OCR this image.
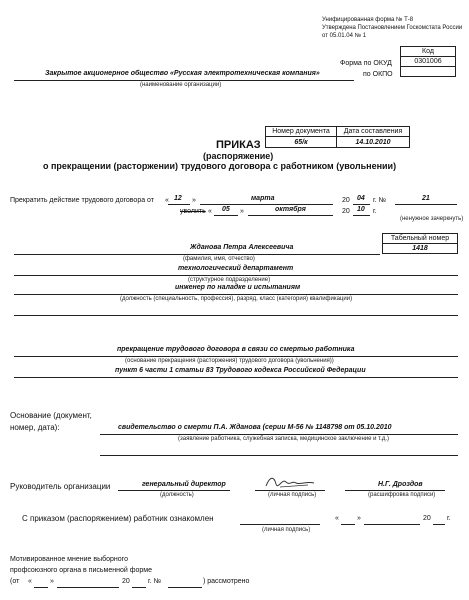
Унифицированная форма № Т-8
Утверждена Постановлением Госкомстата России
от 05.01.04 № 1
Код
Форма по ОКУД	0301006
по ОКПО
Закрытое акционерное общество «Русская электротехническая компания»
(наименование организации)
Номер документа	Дата составления
65/к	14.10.2010
ПРИКАЗ
(распоряжение)
о прекращении (расторжении) трудового договора с работником (увольнении)
Прекратить действие трудового договора от « 12 »	марта	20 04 г. №	21
уволить « 05 »	октября	20 10 г.
(ненужное зачеркнуть)
Табельный номер
1418
Жданова Петра Алексеевича
(фамилия, имя, отчество)
технологический департамент
(структурное подразделение)
инженер по наладке и испытаниям
(должность (специальность, профессия), разряд, класс (категория) квалификации)
прекращение трудового договора в связи со смертью работника
(основание прекращения (расторжения) трудового договора (увольнения))
пункт 6 части 1 статьи 83 Трудового кодекса Российской Федерации
Основание (документ,
номер, дата):	свидетельство о смерти П.А. Жданова (серии М-56 № 1148798 от 05.10.2010
(заявление работника, служебная записка, медицинское заключение и т.д.)
Руководитель организации	генеральный директор
(должность)	(личная подпись)
Н.Г. Дроздов
(расшифровка подписи)
С приказом (распоряжением) работник ознакомлен
(личная подпись)
«	»	20 г.
Мотивированное мнение выборного
профсоюзного органа в письменной форме
(от «	»	20	г. №	) рассмотрено
